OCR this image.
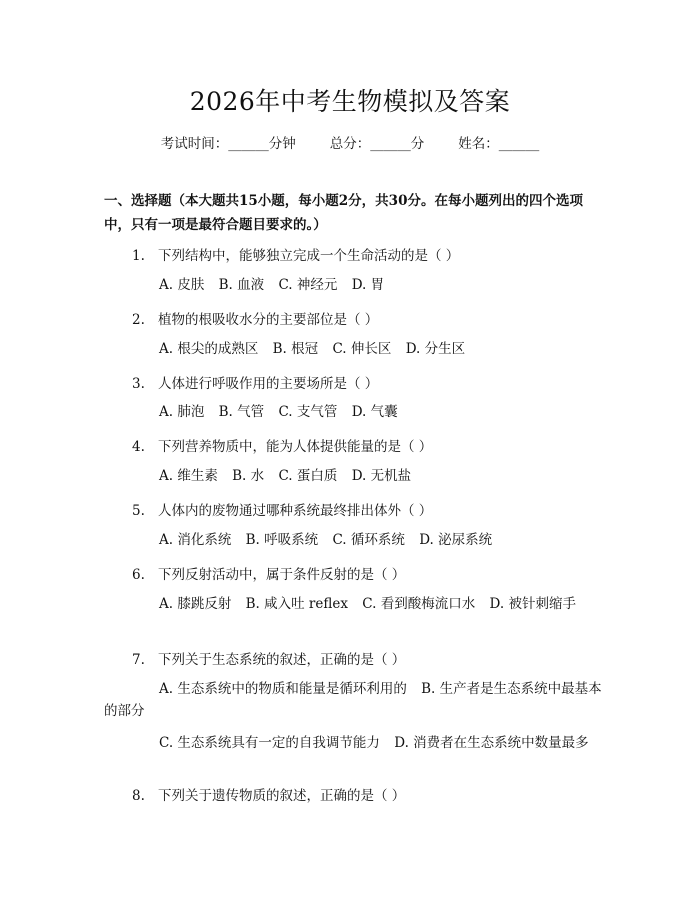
2026年中考生物模拟及答案
考试时间：______分钟	总分：______分	姓名：______
一、选择题（本大题共15小题，每小题2分，共30分。在每小题列出的四个选项中，只有一项是最符合题目要求的。）
1. 下列结构中，能够独立完成一个生命活动的是（ ）
A. 皮肤 B. 血液 C. 神经元 D. 胃
2. 植物的根吸收水分的主要部位是（ ）
A. 根尖的成熟区 B. 根冠 C. 伸长区 D. 分生区
3. 人体进行呼吸作用的主要场所是（ ）
A. 肺泡 B. 气管 C. 支气管 D. 气囊
4. 下列营养物质中，能为人体提供能量的是（ ）
A. 维生素 B. 水 C. 蛋白质 D. 无机盐
5. 人体内的废物通过哪种系统最终排出体外（ ）
A. 消化系统 B. 呼吸系统 C. 循环系统 D. 泌尿系统
6. 下列反射活动中，属于条件反射的是（ ）
A. 膝跳反射 B. 咸入吐 reflex C. 看到酸梅流口水 D. 被针刺缩手
7. 下列关于生态系统的叙述，正确的是（ ）
A. 生态系统中的物质和能量是循环利用的 B. 生产者是生态系统中最基本的部分
C. 生态系统具有一定的自我调节能力 D. 消费者在生态系统中数量最多
8. 下列关于遗传物质的叙述，正确的是（ ）
